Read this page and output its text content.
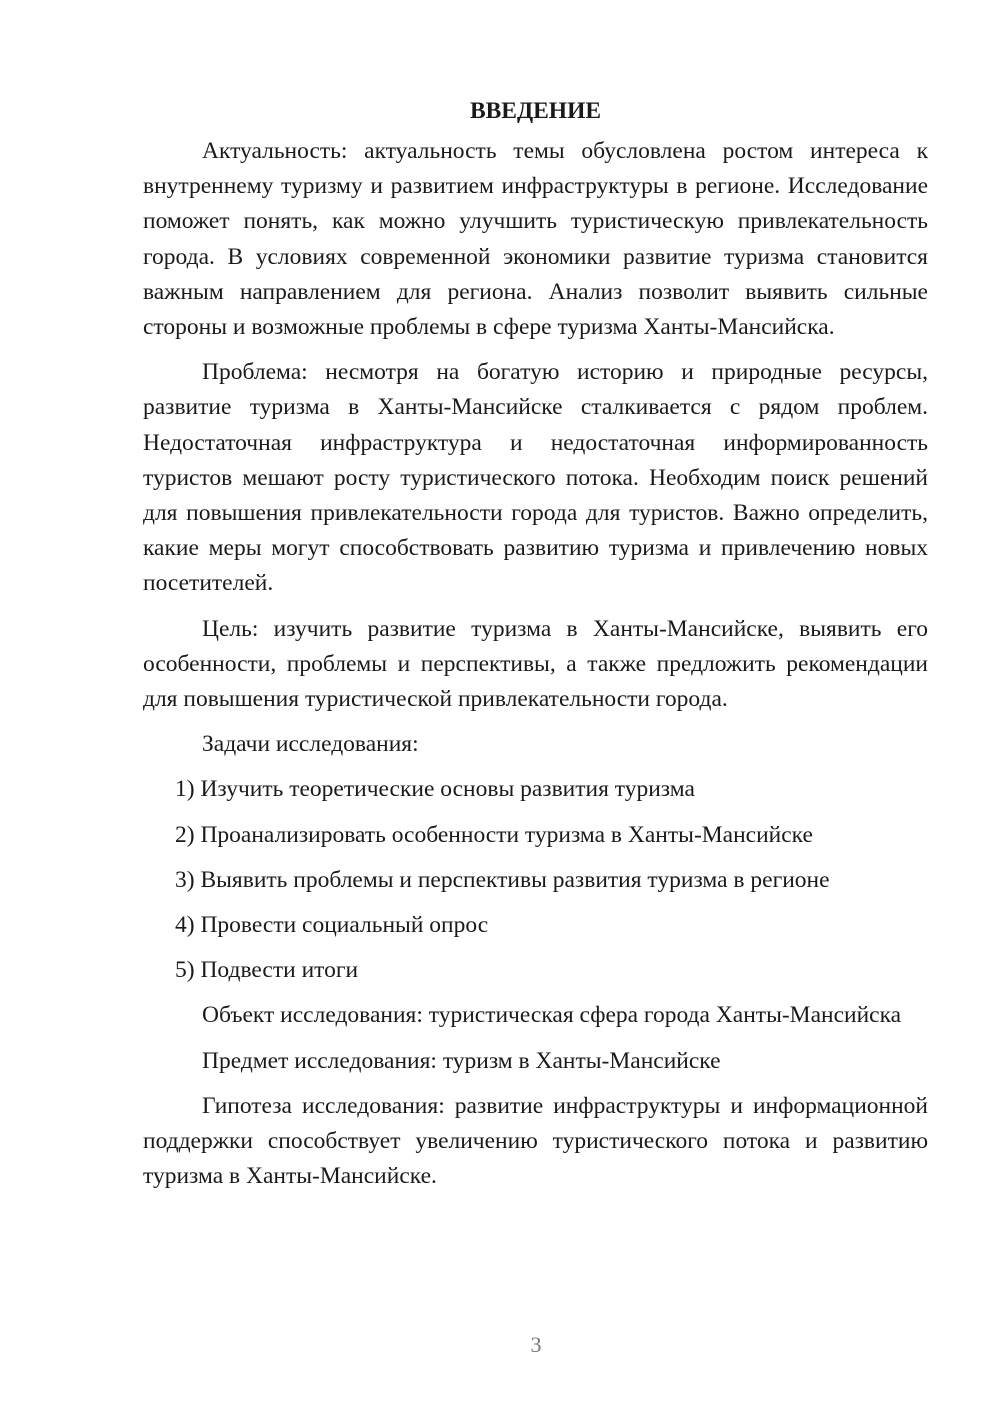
ВВЕДЕНИЕ

Актуальность: актуальность темы обусловлена ростом интереса к внутреннему туризму и развитием инфраструктуры в регионе. Исследование поможет понять, как можно улучшить туристическую привлекательность города. В условиях современной экономики развитие туризма становится важным направлением для региона. Анализ позволит выявить сильные стороны и возможные проблемы в сфере туризма Ханты-Мансийска.

Проблема: несмотря на богатую историю и природные ресурсы, развитие туризма в Ханты-Мансийске сталкивается с рядом проблем. Недостаточная инфраструктура и недостаточная информированность туристов мешают росту туристического потока. Необходим поиск решений для повышения привлекательности города для туристов. Важно определить, какие меры могут способствовать развитию туризма и привлечению новых посетителей.

Цель: изучить развитие туризма в Ханты-Мансийске, выявить его особенности, проблемы и перспективы, а также предложить рекомендации для повышения туристической привлекательности города.

Задачи исследования:

1) Изучить теоретические основы развития туризма
2) Проанализировать особенности туризма в Ханты-Мансийске
3) Выявить проблемы и перспективы развития туризма в регионе
4) Провести социальный опрос
5) Подвести итоги

Объект исследования: туристическая сфера города Ханты-Мансийска

Предмет исследования: туризм в Ханты-Мансийске

Гипотеза исследования: развитие инфраструктуры и информационной поддержки способствует увеличению туристического потока и развитию туризма в Ханты-Мансийске.

3
